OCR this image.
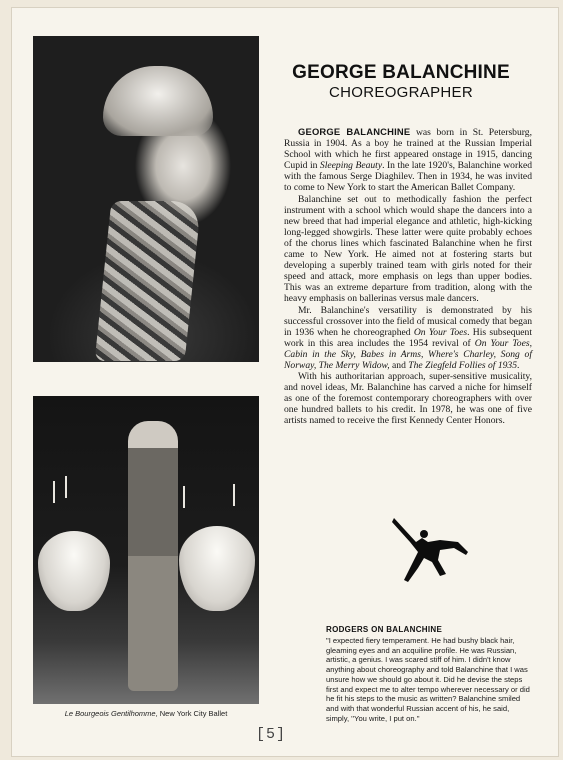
Le Bourgeois Gentilhomme, New York City Ballet
GEORGE BALANCHINE
CHOREOGRAPHER

GEORGE BALANCHINE was born in St. Petersburg, Russia in 1904. As a boy he trained at the Russian Imperial School with which he first appeared onstage in 1915, dancing Cupid in Sleeping Beauty. In the late 1920's, Balanchine worked with the famous Serge Diaghilev. Then in 1934, he was invited to come to New York to start the American Ballet Company.

Balanchine set out to methodically fashion the perfect instrument with a school which would shape the dancers into a new breed that had imperial elegance and athletic, high-kicking long-legged showgirls. These latter were quite probably echoes of the chorus lines which fascinated Balanchine when he first came to New York. He aimed not at fostering starts but developing a superbly trained team with girls noted for their speed and attack, more emphasis on legs than upper bodies. This was an extreme departure from tradition, along with the heavy emphasis on ballerinas versus male dancers.

Mr. Balanchine's versatility is demonstrated by his successful crossover into the field of musical comedy that began in 1936 when he choreographed On Your Toes. His subsequent work in this area includes the 1954 revival of On Your Toes, Cabin in the Sky, Babes in Arms, Where's Charley, Song of Norway, The Merry Widow, and The Ziegfeld Follies of 1935.

With his authoritarian approach, super-sensitive musicality, and novel ideas, Mr. Balanchine has carved a niche for himself as one of the foremost contemporary choreographers with over one hundred ballets to his credit. In 1978, he was one of five artists named to receive the first Kennedy Center Honors.

RODGERS ON BALANCHINE
"I expected fiery temperament. He had bushy black hair, gleaming eyes and an acquiline profile. He was Russian, artistic, a genius. I was scared stiff of him. I didn't know anything about choreography and told Balanchine that I was unsure how we should go about it. Did he devise the steps first and expect me to alter tempo wherever necessary or did he fit his steps to the music as written? Balanchine smiled and with that wonderful Russian accent of his, he said, simply, ''You write, I put on.''
[5]
